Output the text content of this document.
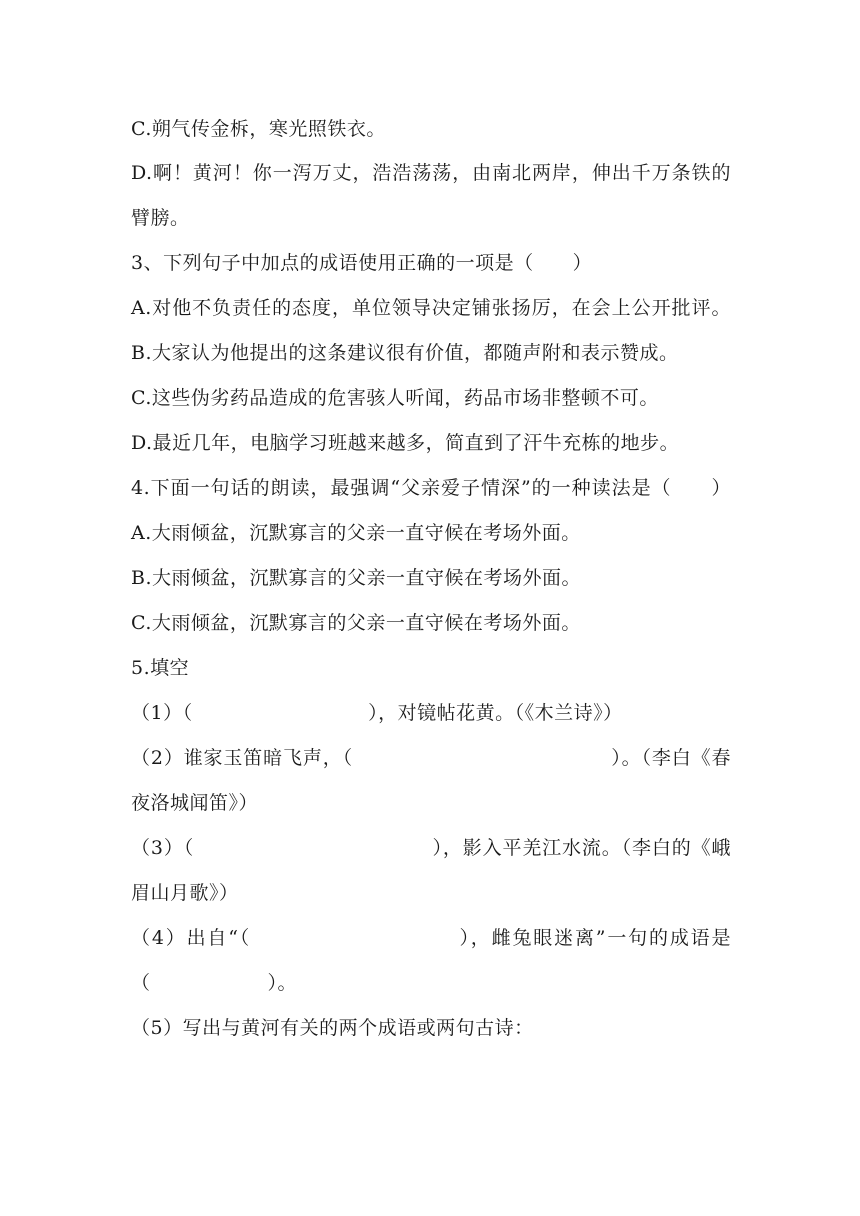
C.朔气传金柝，寒光照铁衣。
D.啊！黄河！你一泻万丈，浩浩荡荡，由南北两岸，伸出千万条铁的
臂膀。
3、下列句子中加点的成语使用正确的一项是（　　）
A.对他不负责任的态度，单位领导决定铺张扬厉，在会上公开批评。
B.大家认为他提出的这条建议很有价值，都随声附和表示赞成。
C.这些伪劣药品造成的危害骇人听闻，药品市场非整顿不可。
D.最近几年，电脑学习班越来越多，简直到了汗牛充栋的地步。
4.下面一句话的朗读，最强调“父亲爱子情深”的一种读法是（　　）
A.大雨倾盆，沉默寡言的父亲一直守候在考场外面。
B.大雨倾盆，沉默寡言的父亲一直守候在考场外面。
C.大雨倾盆，沉默寡言的父亲一直守候在考场外面。
5.填空
（1）（　　　　　　　　　），对镜帖花黄。（《木兰诗》）
（2）谁家玉笛暗飞声，（　　　　　　　　　　　　　）。（李白《春
夜洛城闻笛》）
（3）（　　　　　　　　　　　　），影入平羌江水流。（李白的《峨
眉山月歌》）
（4）出自“（　　　　　　　　　　），雌兔眼迷离”一句的成语是
（　　　　　　）。
（5）写出与黄河有关的两个成语或两句古诗：
